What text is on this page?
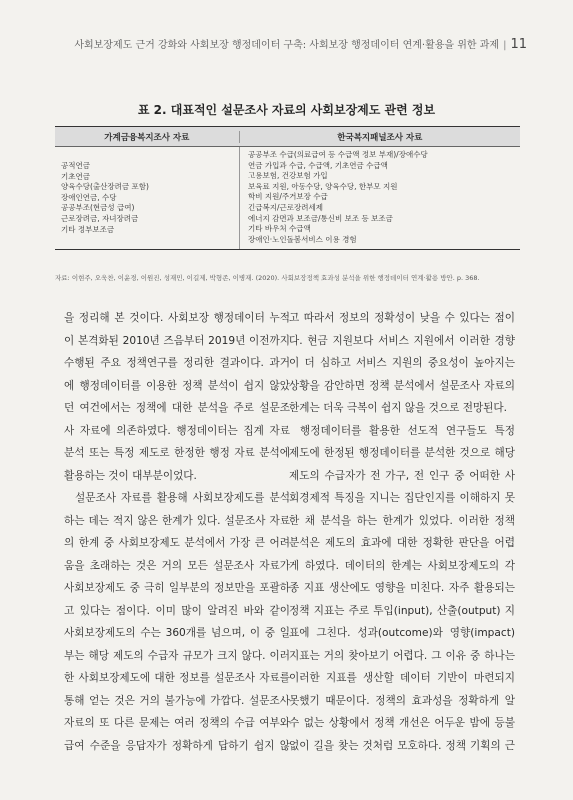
사회보장제도 근거 강화와 사회보장 행정데이터 구축: 사회보장 행정데이터 연계·활용을 위한 과제 | 11
표 2. 대표적인 설문조사 자료의 사회보장제도 관련 정보
가계금융복지조사 자료	한국복지패널조사 자료
공적연금
기초연금
양육수당(출산장려금 포함)
장애인연금, 수당
공공부조(현금성 급여)
근로장려금, 자녀장려금
기타 정부보조금
공공부조 수급(의료급여 등 수급액 정보 부재)/장애수당
연금 가입과 수급, 수급액, 기초연금 수급액
고용보험, 건강보험 가입
보육료 지원, 아동수당, 양육수당, 한부모 지원
학비 지원/주거보장 수급
긴급복지/근로장려세제
에너지 감면과 보조금/통신비 보조 등 보조금
기타 바우처 수급액
장애인·노인돌봄서비스 이용 경험
자료: 이현주, 오욱찬, 이윤경, 이원진, 성재민, 이길제, 박형존, 이병재. (2020). 사회보장정책 효과성 분석을 위한 행정데이터 연계·활용 방안. p. 368.
을 정리해 본 것이다. 사회보장 행정데이터 누적
이 본격화된 2010년 즈음부터 2019년 이전까지
수행된 주요 정책연구를 정리한 결과이다. 과거
에 행정데이터를 이용한 정책 분석이 쉽지 않았
던 여건에서는 정책에 대한 분석을 주로 설문조
사 자료에 의존하였다. 행정데이터는 집계 자료
분석 또는 특정 제도로 한정한 행정 자료 분석에
활용하는 것이 대부분이었다.
설문조사 자료를 활용해 사회보장제도를 분석
하는 데는 적지 않은 한계가 있다. 설문조사 자료
의 한계 중 사회보장제도 분석에서 가장 큰 어려
움을 초래하는 것은 거의 모든 설문조사 자료가
사회보장제도 중 극히 일부분의 정보만을 포괄하
고 있다는 점이다. 이미 많이 알려진 바와 같이
사회보장제도의 수는 360개를 넘으며, 이 중 일
부는 해당 제도의 수급자 규모가 크지 않다. 이러
한 사회보장제도에 대한 정보를 설문조사 자료를
통해 얻는 것은 거의 불가능에 가깝다. 설문조사
자료의 또 다른 문제는 여러 정책의 수급 여부와
급여 수준을 응답자가 정확하게 답하기 쉽지 않
고 따라서 정보의 정확성이 낮을 수 있다는 점이
다. 현금 지원보다 서비스 지원에서 이러한 경향
이 더 심하고 서비스 지원의 중요성이 높아지는
상황을 감안하면 정책 분석에서 설문조사 자료의
한계는 더욱 극복이 쉽지 않을 것으로 전망된다.
행정데이터를 활용한 선도적 연구들도 특정
제도에 한정된 행정데이터를 분석한 것으로 해당
제도의 수급자가 전 가구, 전 인구 중 어떠한 사
회경제적 특징을 지니는 집단인지를 이해하지 못
한 채 분석을 하는 한계가 있었다. 이러한 정책
분석은 제도의 효과에 대한 정확한 판단을 어렵
게 하였다. 데이터의 한계는 사회보장제도의 각
종 지표 생산에도 영향을 미친다. 자주 활용되는
정책 지표는 주로 투입(input), 산출(output) 지
표에 그친다. 성과(outcome)와 영향(impact)
지표는 거의 찾아보기 어렵다. 그 이유 중 하나는
이러한 지표를 생산할 데이터 기반이 마련되지
못했기 때문이다. 정책의 효과성을 정확하게 알
수 없는 상황에서 정책 개선은 어두운 밤에 등불
없이 길을 찾는 것처럼 모호하다. 정책 기획의 근
